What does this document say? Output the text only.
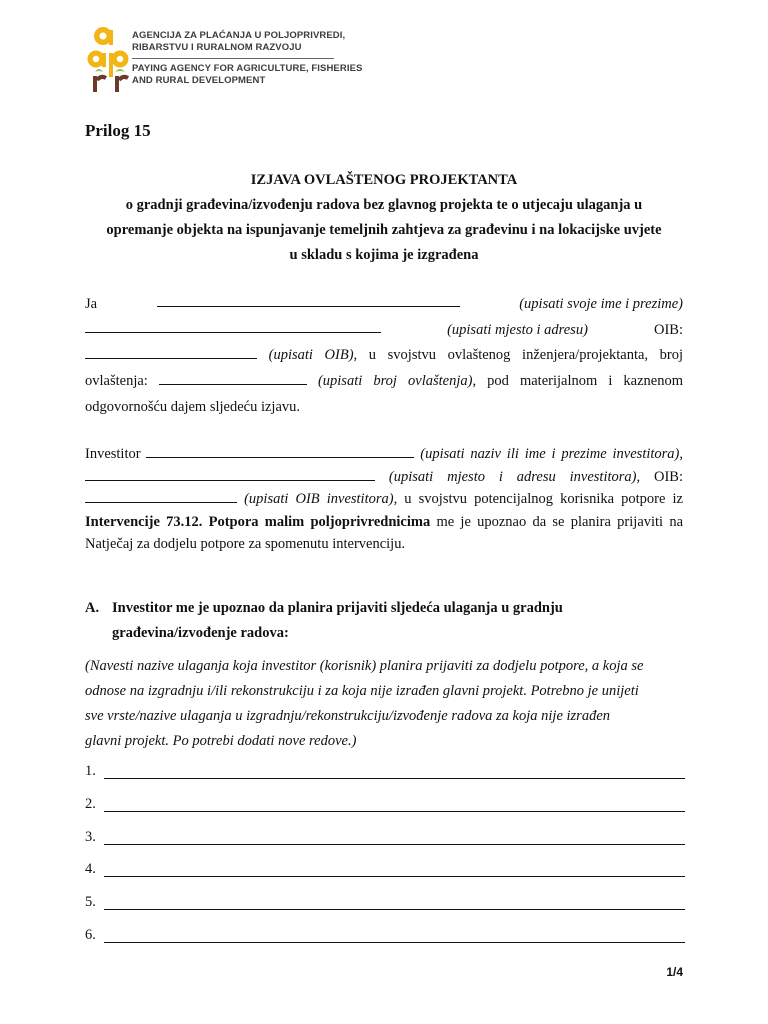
AGENCIJA ZA PLAĆANJA U POLJOPRIVREDI,
RIBARSTVU I RURALNOM RAZVOJU
PAYING AGENCY FOR AGRICULTURE, FISHERIES
AND RURAL DEVELOPMENT
Prilog 15
IZJAVA OVLAŠTENOG PROJEKTANTA
o gradnji građevina/izvođenju radova bez glavnog projekta te o utjecaju ulaganja u
opremanje objekta na ispunjavanje temeljnih zahtjeva za građevinu i na lokacijske uvjete
u skladu s kojima je izgrađena
Ja	(upisati svoje ime i prezime)
(upisati mjesto i adresu)	OIB:
(upisati OIB), u svojstvu ovlaštenog inženjera/projektanta, broj ovlaštenja:	(upisati broj ovlaštenja), pod materijalnom i kaznenom odgovornošću dajem sljedeću izjavu.
Investitor	(upisati naziv ili ime i prezime investitora),  (upisati mjesto i adresu investitora), OIB:  (upisati OIB investitora), u svojstvu potencijalnog korisnika potpore iz Intervencije 73.12. Potpora malim poljoprivrednicima me je upoznao da se planira prijaviti na Natječaj za dodjelu potpore za spomenutu intervenciju.
A. Investitor me je upoznao da planira prijaviti sljedeća ulaganja u gradnju
građevina/izvođenje radova:
(Navesti nazive ulaganja koja investitor (korisnik) planira prijaviti za dodjelu potpore, a koja se
odnose na izgradnju i/ili rekonstrukciju i za koja nije izrađen glavni projekt. Potrebno je unijeti
sve vrste/nazive ulaganja u izgradnju/rekonstrukciju/izvođenje radova za koja nije izrađen
glavni projekt. Po potrebi dodati nove redove.)
1.
2.
3.
4.
5.
6.
1/4
